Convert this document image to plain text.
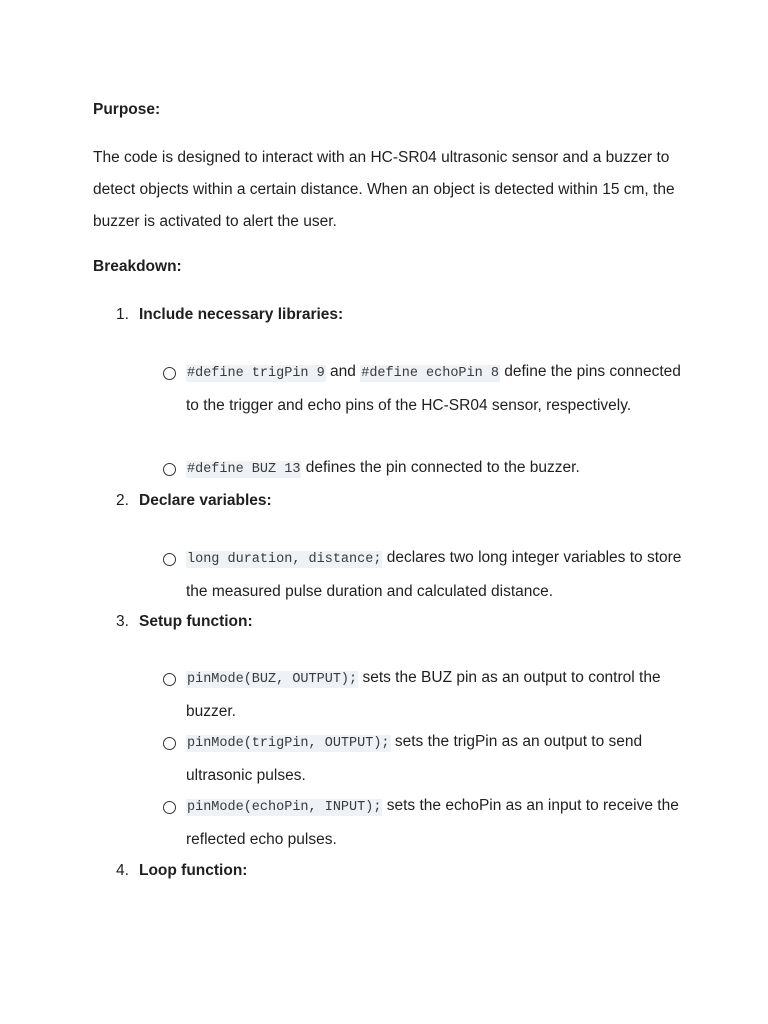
Purpose:

The code is designed to interact with an HC-SR04 ultrasonic sensor and a buzzer to detect objects within a certain distance. When an object is detected within 15 cm, the buzzer is activated to alert the user.

Breakdown:
1. Include necessary libraries:

#define trigPin 9 and #define echoPin 8 define the pins connected to the trigger and echo pins of the HC-SR04 sensor, respectively.

#define BUZ 13 defines the pin connected to the buzzer.

2. Declare variables:

long duration, distance; declares two long integer variables to store the measured pulse duration and calculated distance.

3. Setup function:

pinMode(BUZ, OUTPUT); sets the BUZ pin as an output to control the buzzer.

pinMode(trigPin, OUTPUT); sets the trigPin as an output to send ultrasonic pulses.

pinMode(echoPin, INPUT); sets the echoPin as an input to receive the reflected echo pulses.

4. Loop function:
